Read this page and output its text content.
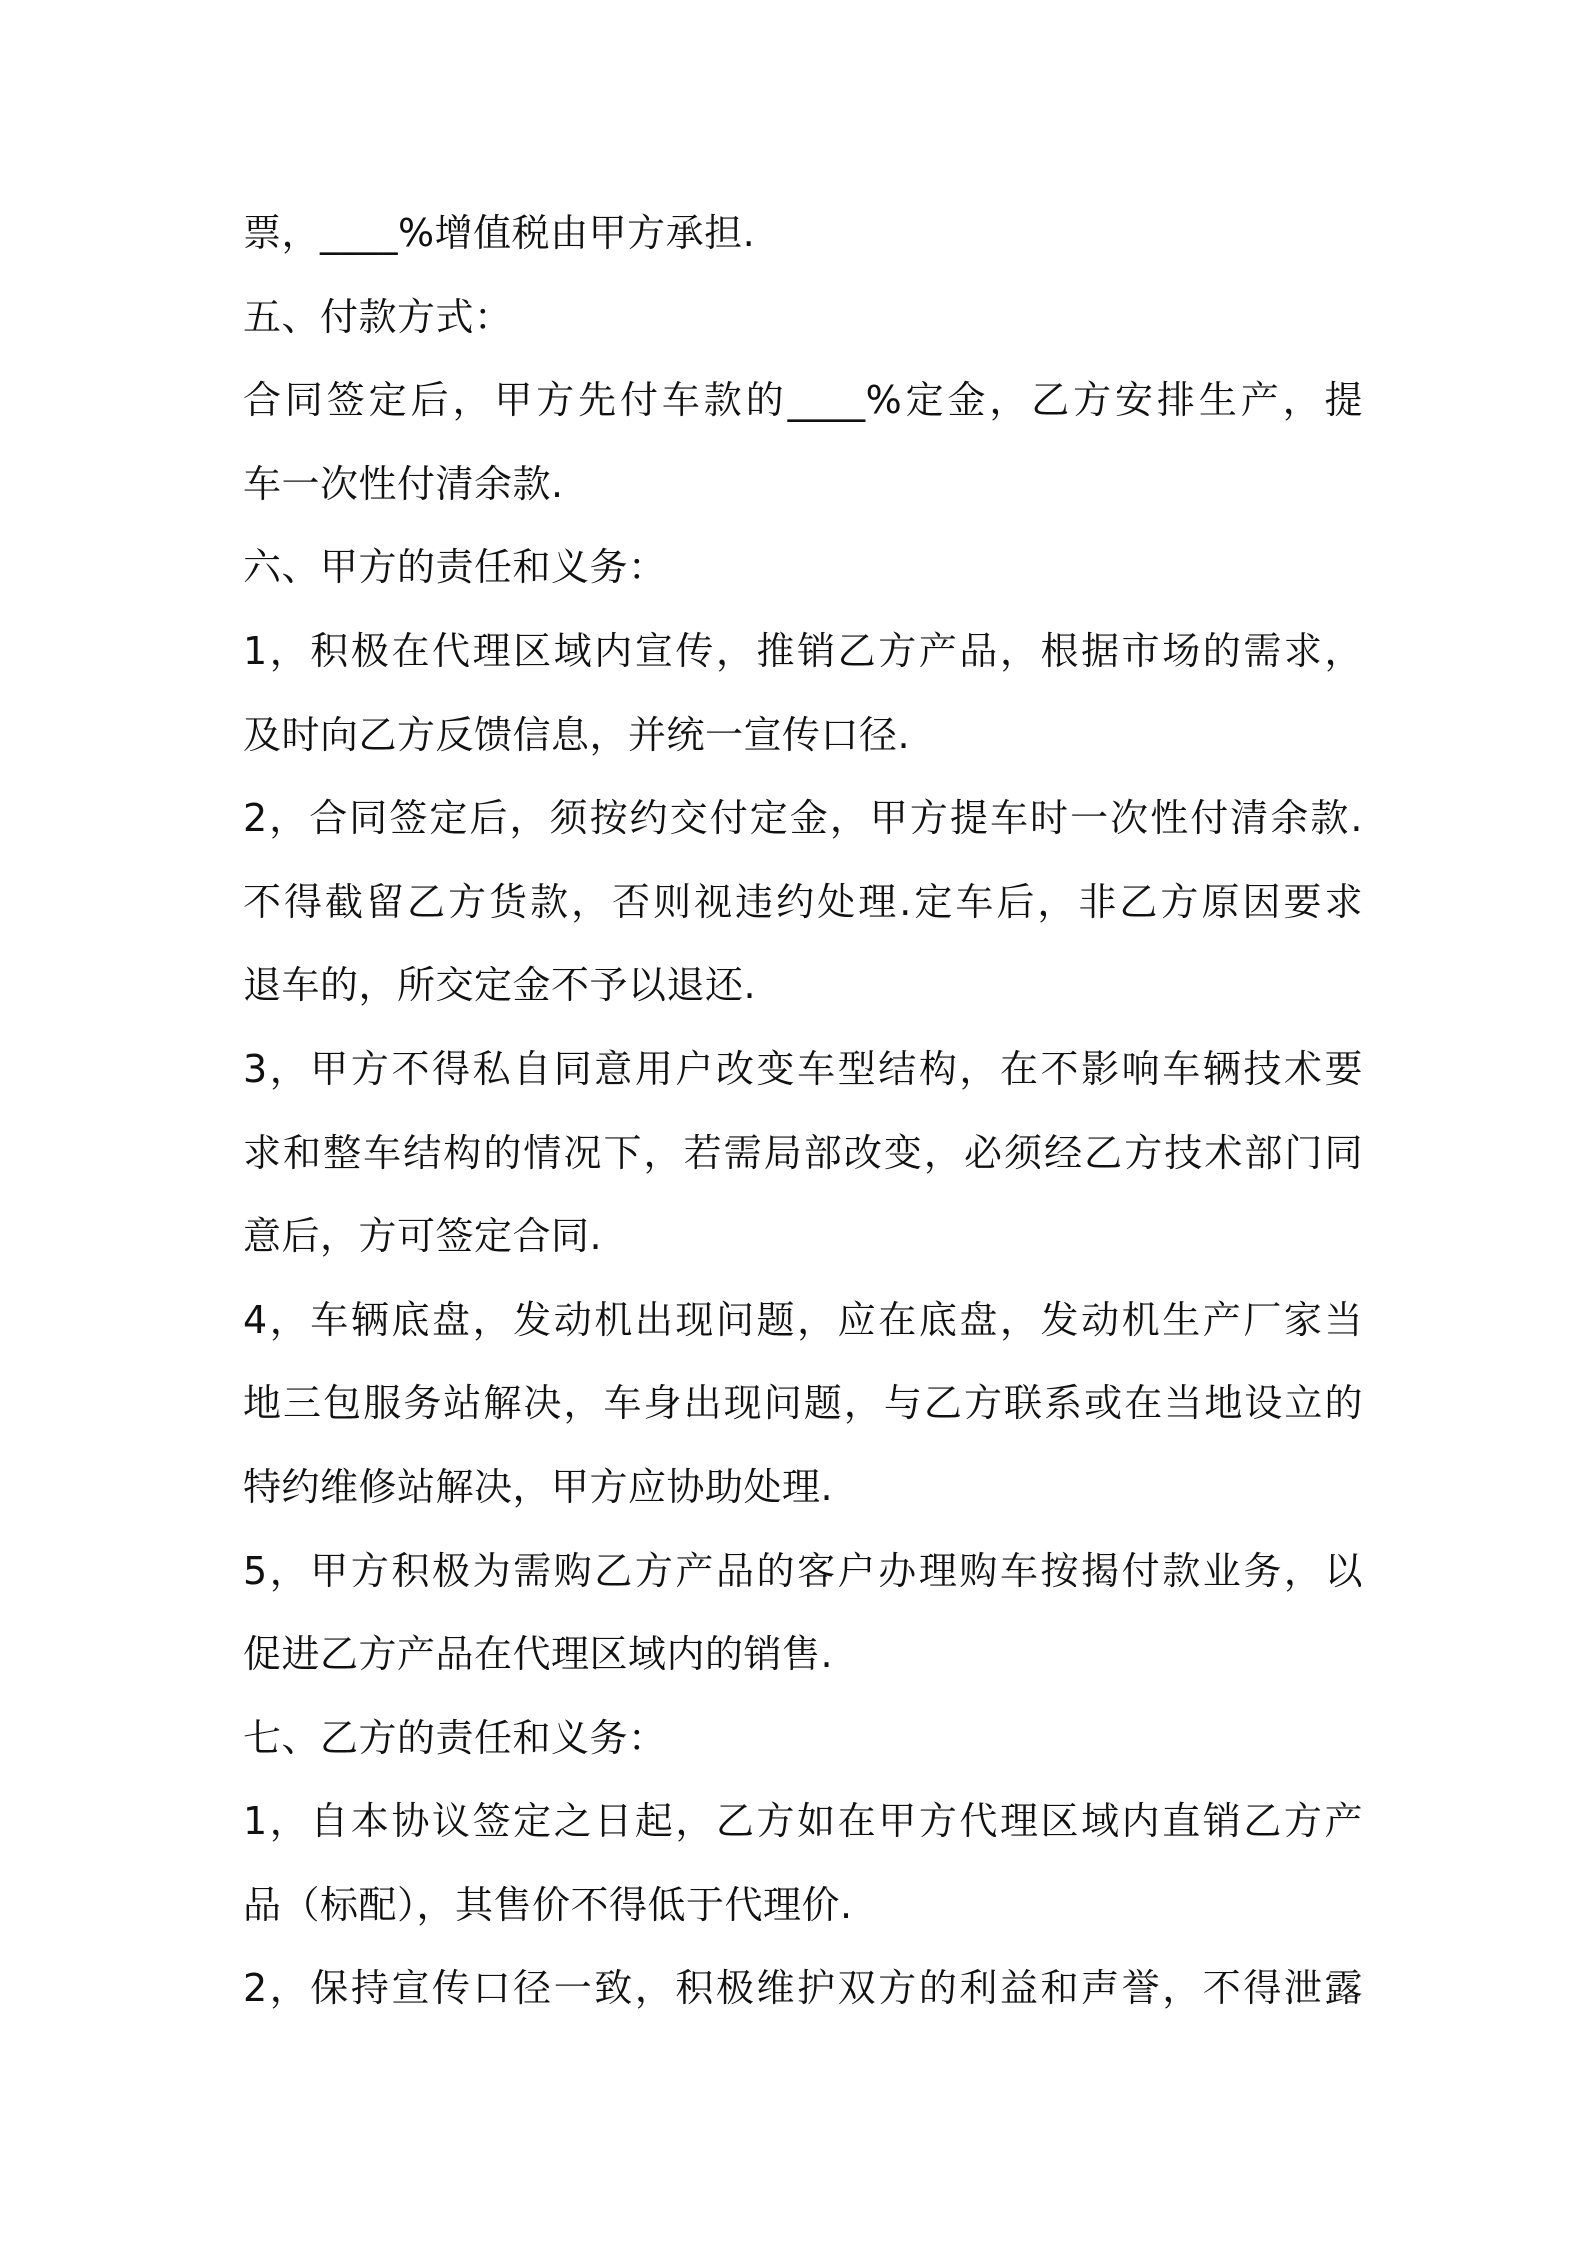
票，____%增值税由甲方承担.
五、付款方式：
合同签定后，甲方先付车款的____%定金，乙方安排生产，提
车一次性付清余款.
六、甲方的责任和义务：
1，积极在代理区域内宣传，推销乙方产品，根据市场的需求，
及时向乙方反馈信息，并统一宣传口径.
2，合同签定后，须按约交付定金，甲方提车时一次性付清余款.
不得截留乙方货款，否则视违约处理.定车后，非乙方原因要求
退车的，所交定金不予以退还.
3，甲方不得私自同意用户改变车型结构，在不影响车辆技术要
求和整车结构的情况下，若需局部改变，必须经乙方技术部门同
意后，方可签定合同.
4，车辆底盘，发动机出现问题，应在底盘，发动机生产厂家当
地三包服务站解决，车身出现问题，与乙方联系或在当地设立的
特约维修站解决，甲方应协助处理.
5，甲方积极为需购乙方产品的客户办理购车按揭付款业务，以
促进乙方产品在代理区域内的销售.
七、乙方的责任和义务：
1，自本协议签定之日起，乙方如在甲方代理区域内直销乙方产
品（标配），其售价不得低于代理价.
2，保持宣传口径一致，积极维护双方的利益和声誉，不得泄露
